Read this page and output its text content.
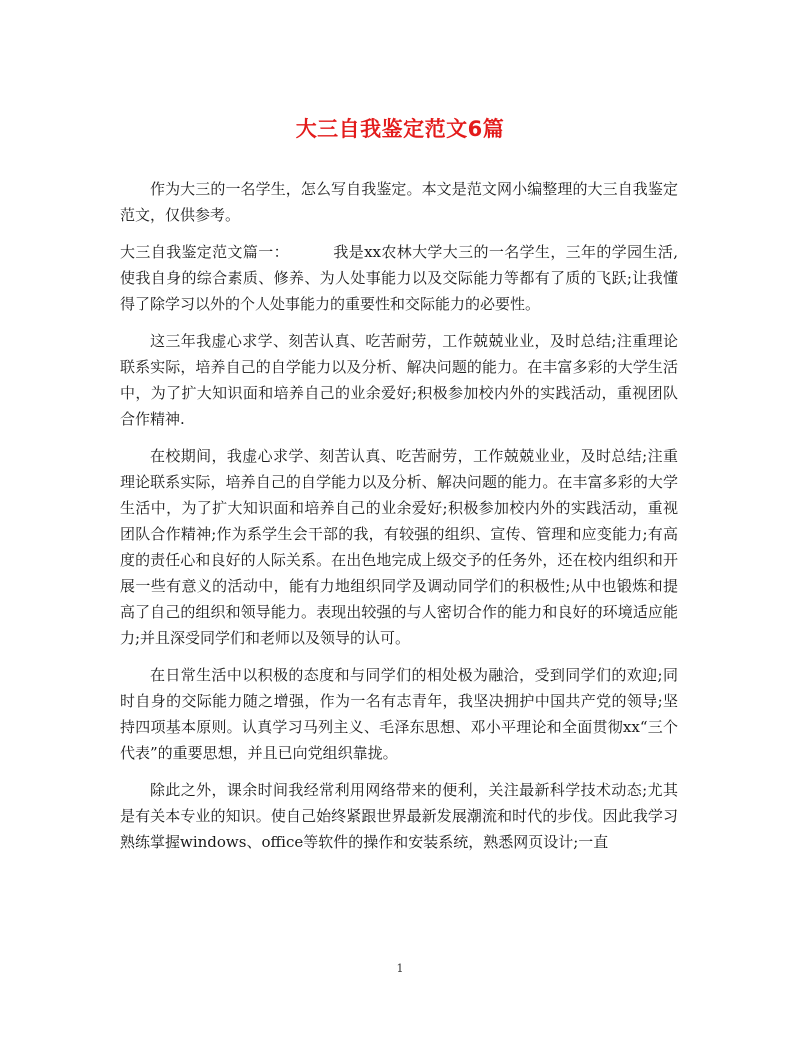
大三自我鉴定范文6篇

作为大三的一名学生，怎么写自我鉴定。本文是范文网小编整理的大三自我鉴定范文，仅供参考。

大三自我鉴定范文篇一：	我是xx农林大学大三的一名学生，三年的学园生活,使我自身的综合素质、修养、为人处事能力以及交际能力等都有了质的飞跃;让我懂得了除学习以外的个人处事能力的重要性和交际能力的必要性。

这三年我虚心求学、刻苦认真、吃苦耐劳，工作兢兢业业，及时总结;注重理论联系实际，培养自己的自学能力以及分析、解决问题的能力。在丰富多彩的大学生活中，为了扩大知识面和培养自己的业余爱好;积极参加校内外的实践活动，重视团队合作精神.

在校期间，我虚心求学、刻苦认真、吃苦耐劳，工作兢兢业业，及时总结;注重理论联系实际，培养自己的自学能力以及分析、解决问题的能力。在丰富多彩的大学生活中，为了扩大知识面和培养自己的业余爱好;积极参加校内外的实践活动，重视团队合作精神;作为系学生会干部的我，有较强的组织、宣传、管理和应变能力;有高度的责任心和良好的人际关系。在出色地完成上级交予的任务外，还在校内组织和开展一些有意义的活动中，能有力地组织同学及调动同学们的积极性;从中也锻炼和提高了自己的组织和领导能力。表现出较强的与人密切合作的能力和良好的环境适应能力;并且深受同学们和老师以及领导的认可。

在日常生活中以积极的态度和与同学们的相处极为融洽，受到同学们的欢迎;同时自身的交际能力随之增强，作为一名有志青年，我坚决拥护中国共产党的领导;坚持四项基本原则。认真学习马列主义、毛泽东思想、邓小平理论和全面贯彻xx“三个代表”的重要思想，并且已向党组织靠拢。

除此之外，课余时间我经常利用网络带来的便利，关注最新科学技术动态;尤其是有关本专业的知识。使自己始终紧跟世界最新发展潮流和时代的步伐。因此我学习熟练掌握windows、office等软件的操作和安装系统，熟悉网页设计;一直

1
